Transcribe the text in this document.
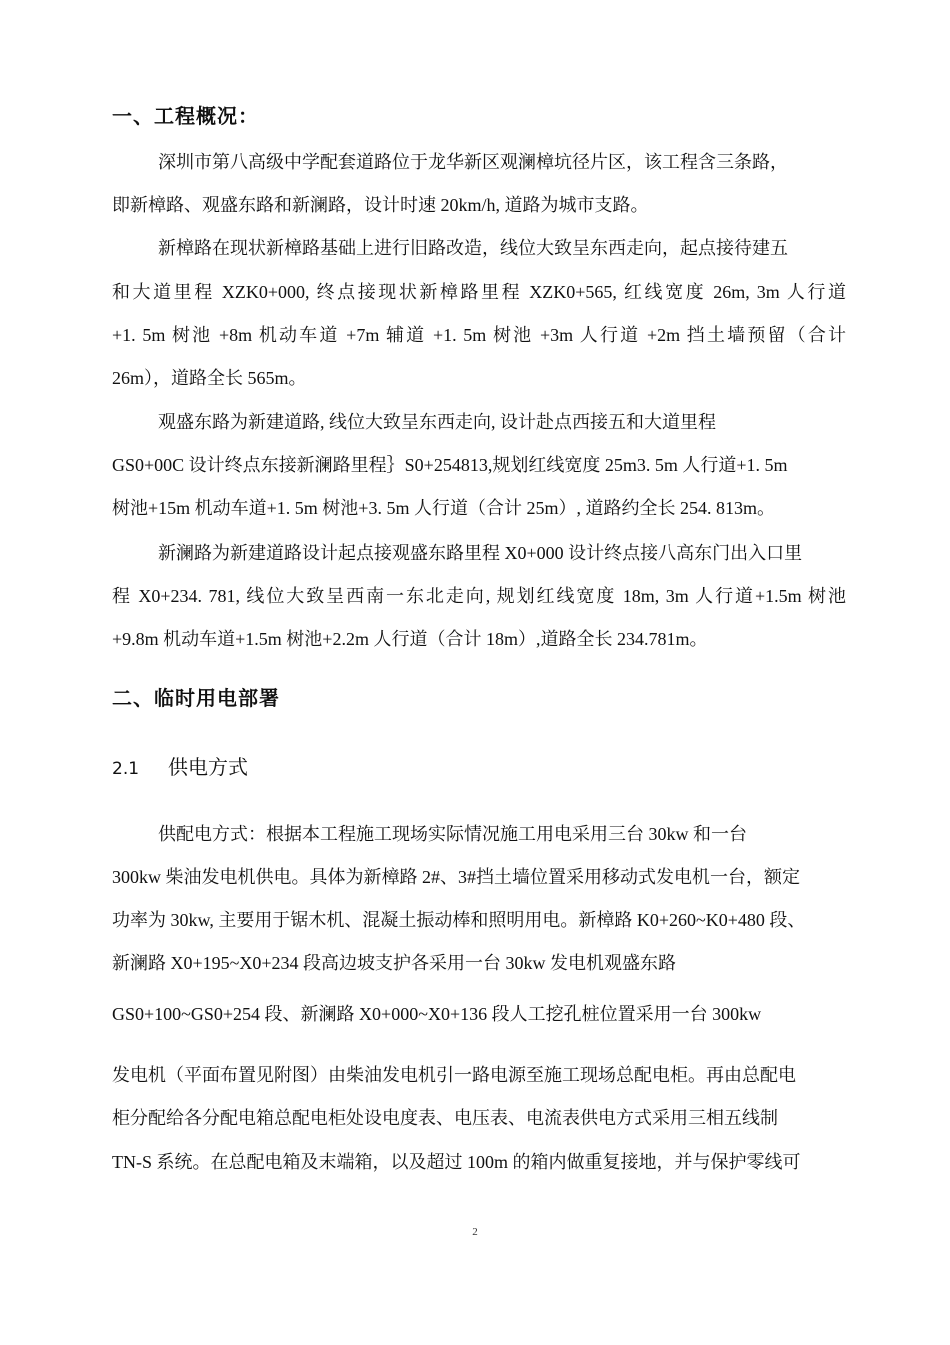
一、工程概况：
深圳市第八高级中学配套道路位于龙华新区观澜樟坑径片区，该工程含三条路，
即新樟路、观盛东路和新澜路，设计时速 20km/h, 道路为城市支路。
新樟路在现状新樟路基础上进行旧路改造，线位大致呈东西走向，起点接待建五
和大道里程 XZK0+000, 终点接现状新樟路里程 XZK0+565, 红线宽度 26m, 3m 人行道
+1. 5m 树池 +8m 机动车道 +7m 辅道 +1. 5m 树池 +3m 人行道 +2m 挡土墙预留（合计
26m），道路全长 565m。
观盛东路为新建道路, 线位大致呈东西走向, 设计赴点西接五和大道里程
GS0+00C 设计终点东接新澜路里程｝S0+254813,规划红线宽度 25m3. 5m 人行道+1. 5m
树池+15m 机动车道+1. 5m 树池+3. 5m 人行道（合计 25m）, 道路约全长 254. 813m。
新澜路为新建道路设计起点接观盛东路里程 X0+000 设计终点接八高东门出入口里
程 X0+234. 781, 线位大致呈西南一东北走向, 规划红线宽度 18m, 3m 人行道+1.5m 树池
+9.8m 机动车道+1.5m 树池+2.2m 人行道（合计 18m）,道路全长 234.781m。
二、临时用电部署
2.1 供电方式
供配电方式：根据本工程施工现场实际情况施工用电采用三台 30kw 和一台
300kw 柴油发电机供电。具体为新樟路 2#、3#挡土墙位置采用移动式发电机一台，额定
功率为 30kw, 主要用于锯木机、混凝土振动棒和照明用电。新樟路 K0+260~K0+480 段、
新澜路 X0+195~X0+234 段高边坡支护各采用一台 30kw 发电机观盛东路
GS0+100~GS0+254 段、新澜路 X0+000~X0+136 段人工挖孔桩位置采用一台 300kw
发电机（平面布置见附图）由柴油发电机引一路电源至施工现场总配电柜。再由总配电
柜分配给各分配电箱总配电柜处设电度表、电压表、电流表供电方式采用三相五线制
TN-S 系统。在总配电箱及末端箱，以及超过 100m 的箱内做重复接地，并与保护零线可
2
